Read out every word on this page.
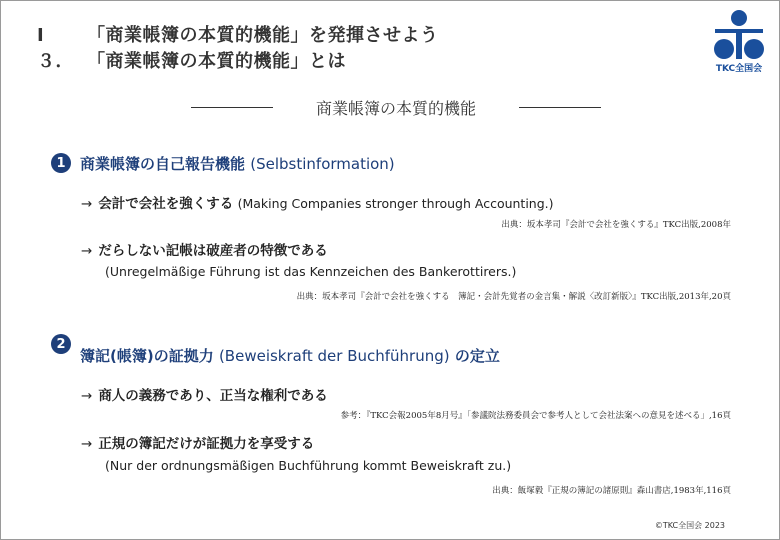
Ⅰ 「商業帳簿の本質的機能」を発揮させよう
３． 「商業帳簿の本質的機能」とは	TKC全国会
商業帳簿の本質的機能
1 商業帳簿の自己報告機能 (Selbstinformation)
→ 会計で会社を強くする (Making Companies stronger through Accounting.)
出典：坂本孝司『会計で会社を強くする』TKC出版,2008年
→ だらしない記帳は破産者の特徴である
(Unregelmäßige Führung ist das Kennzeichen des Bankerottirers.)
出典：坂本孝司『会計で会社を強くする　簿記・会計先覚者の金言集・解説〈改訂新版〉』TKC出版,2013年,20頁
2
簿記(帳簿)の証拠力 (Beweiskraft der Buchführung) の定立
→ 商人の義務であり、正当な権利である
参考：『TKC会報2005年8月号』「参議院法務委員会で参考人として会社法案への意見を述べる」,16頁
→ 正規の簿記だけが証拠力を享受する
(Nur der ordnungsmäßigen Buchführung kommt Beweiskraft zu.)
出典：飯塚毅『正規の簿記の諸原則』森山書店,1983年,116頁
©TKC全国会 2023
